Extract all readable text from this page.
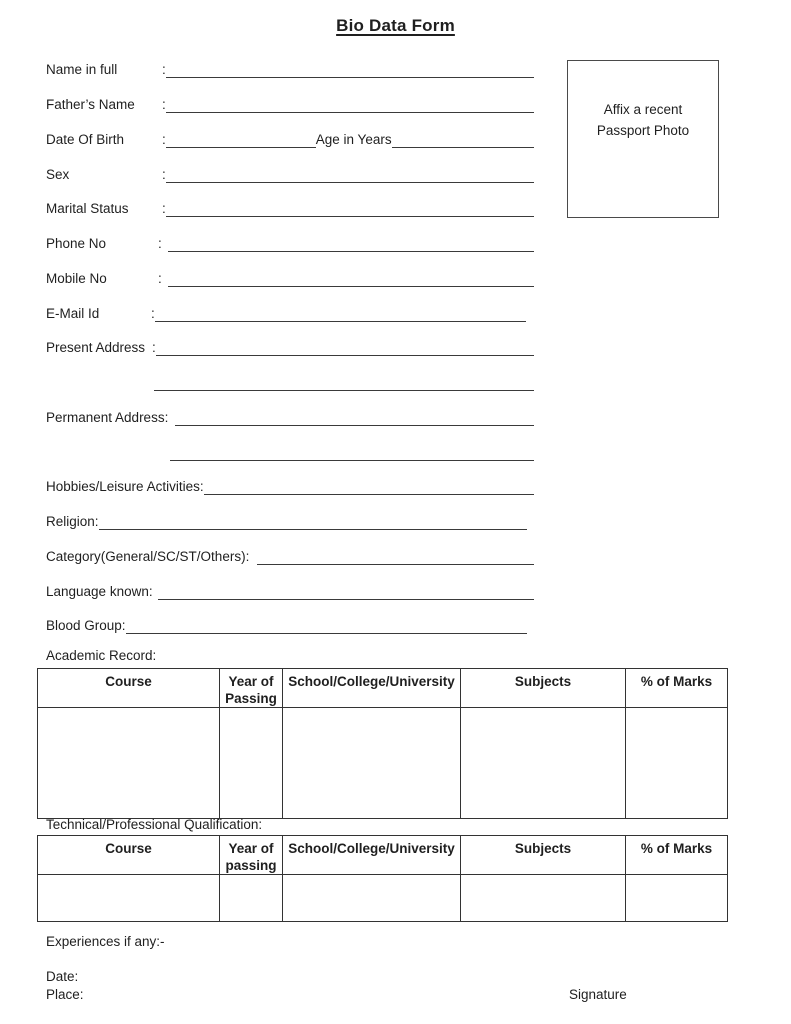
Bio Data Form
Affix a recent
Passport Photo
Name in full	:
Father’s Name	:
Date Of Birth	:	Age in Years
Sex	:
Marital Status	:
Phone No	:
Mobile No	:
E-Mail Id	:
Present Address :
Permanent Address:
Hobbies/Leisure Activities:
Religion:
Category(General/SC/ST/Others):
Language known:
Blood Group:
Academic Record:
Course	Year of Passing	School/College/University	Subjects	% of Marks

Technical/Professional Qualification:
Course	Year of passing	School/College/University	Subjects	% of Marks

Experiences if any:-
Date:
Place:	Signature
